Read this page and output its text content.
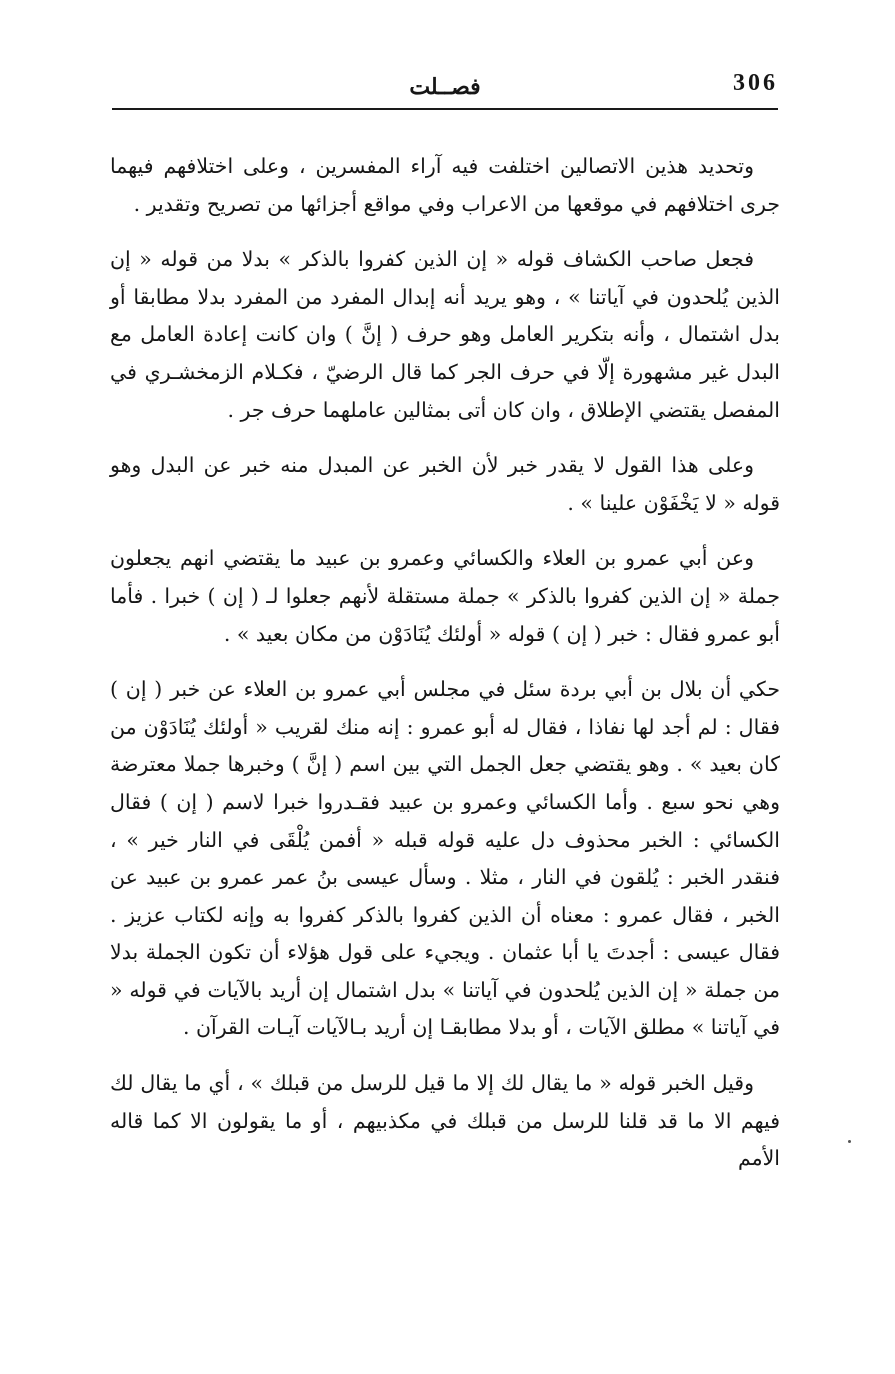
306
فصــلت

وتحديد هذين الاتصالين اختلفت فيه آراء المفسرين ، وعلى اختلافهم فيهما جرى اختلافهم في موقعها من الاعراب وفي مواقع أجزائها من تصريح وتقدير .

فجعل صاحب الكشاف قوله « إن الذين كفروا بالذكر » بدلا من قوله « إن الذين يُلحدون في آياتنا » ، وهو يريد أنه إبدال المفرد من المفرد بدلا مطابقا أو بدل اشتمال ، وأنه بتكرير العامل وهو حرف ( إنَّ ) وان كانت إعادة العامل مع البدل غير مشهورة إلّا في حرف الجر كما قال الرضيّ ، فكـلام الزمخشـري في المفصل يقتضي الإطلاق ، وان كان أتى بمثالين عاملهما حرف جر .

وعلى هذا القول لا يقدر خبر لأن الخبر عن المبدل منه خبر عن البدل وهو قوله « لا يَخْفَوْن علينا » .

وعن أبي عمرو بن العلاء والكسائي وعمرو بن عبيد ما يقتضي انهم يجعلون جملة « إن الذين كفروا بالذكر » جملة مستقلة لأنهم جعلوا لـ ( إن ) خبرا . فأما أبو عمرو فقال : خبر ( إن ) قوله « أولئك يُنَادَوْن من مكان بعيد » .

حكي أن بلال بن أبي بردة سئل في مجلس أبي عمرو بن العلاء عن خبر ( إن ) فقال : لم أجد لها نفاذا ، فقال له أبو عمرو : إنه منك لقريب « أولئك يُنَادَوْن من كان بعيد » . وهو يقتضي جعل الجمل التي بين اسم ( إنَّ ) وخبرها جملا معترضة وهي نحو سبع . وأما الكسائي وعمرو بن عبيد فقـدروا خبرا لاسم ( إن ) فقال الكسائي : الخبر محذوف دل عليه قوله قبله « أفمن يُلْقَى في النار خير » ، فنقدر الخبر : يُلقون في النار ، مثلا . وسأل عيسى بنُ عمر عمرو بن عبيد عن الخبر ، فقال عمرو : معناه أن الذين كفروا بالذكر كفروا به وإنه لكتاب عزيز . فقال عيسى : أجدتَ يا أبا عثمان . ويجيء على قول هؤلاء أن تكون الجملة بدلا من جملة « إن الذين يُلحدون في آياتنا » بدل اشتمال إن أريد بالآيات في قوله « في آياتنا » مطلق الآيات ، أو بدلا مطابقـا إن أريد بـالآيات آيـات القرآن .

وقيل الخبر قوله « ما يقال لك إلا ما قيل للرسل من قبلك » ، أي ما يقال لك فيهم الا ما قد قلنا للرسل من قبلك في مكذبيهم ، أو ما يقولون الا كما قاله الأمم
